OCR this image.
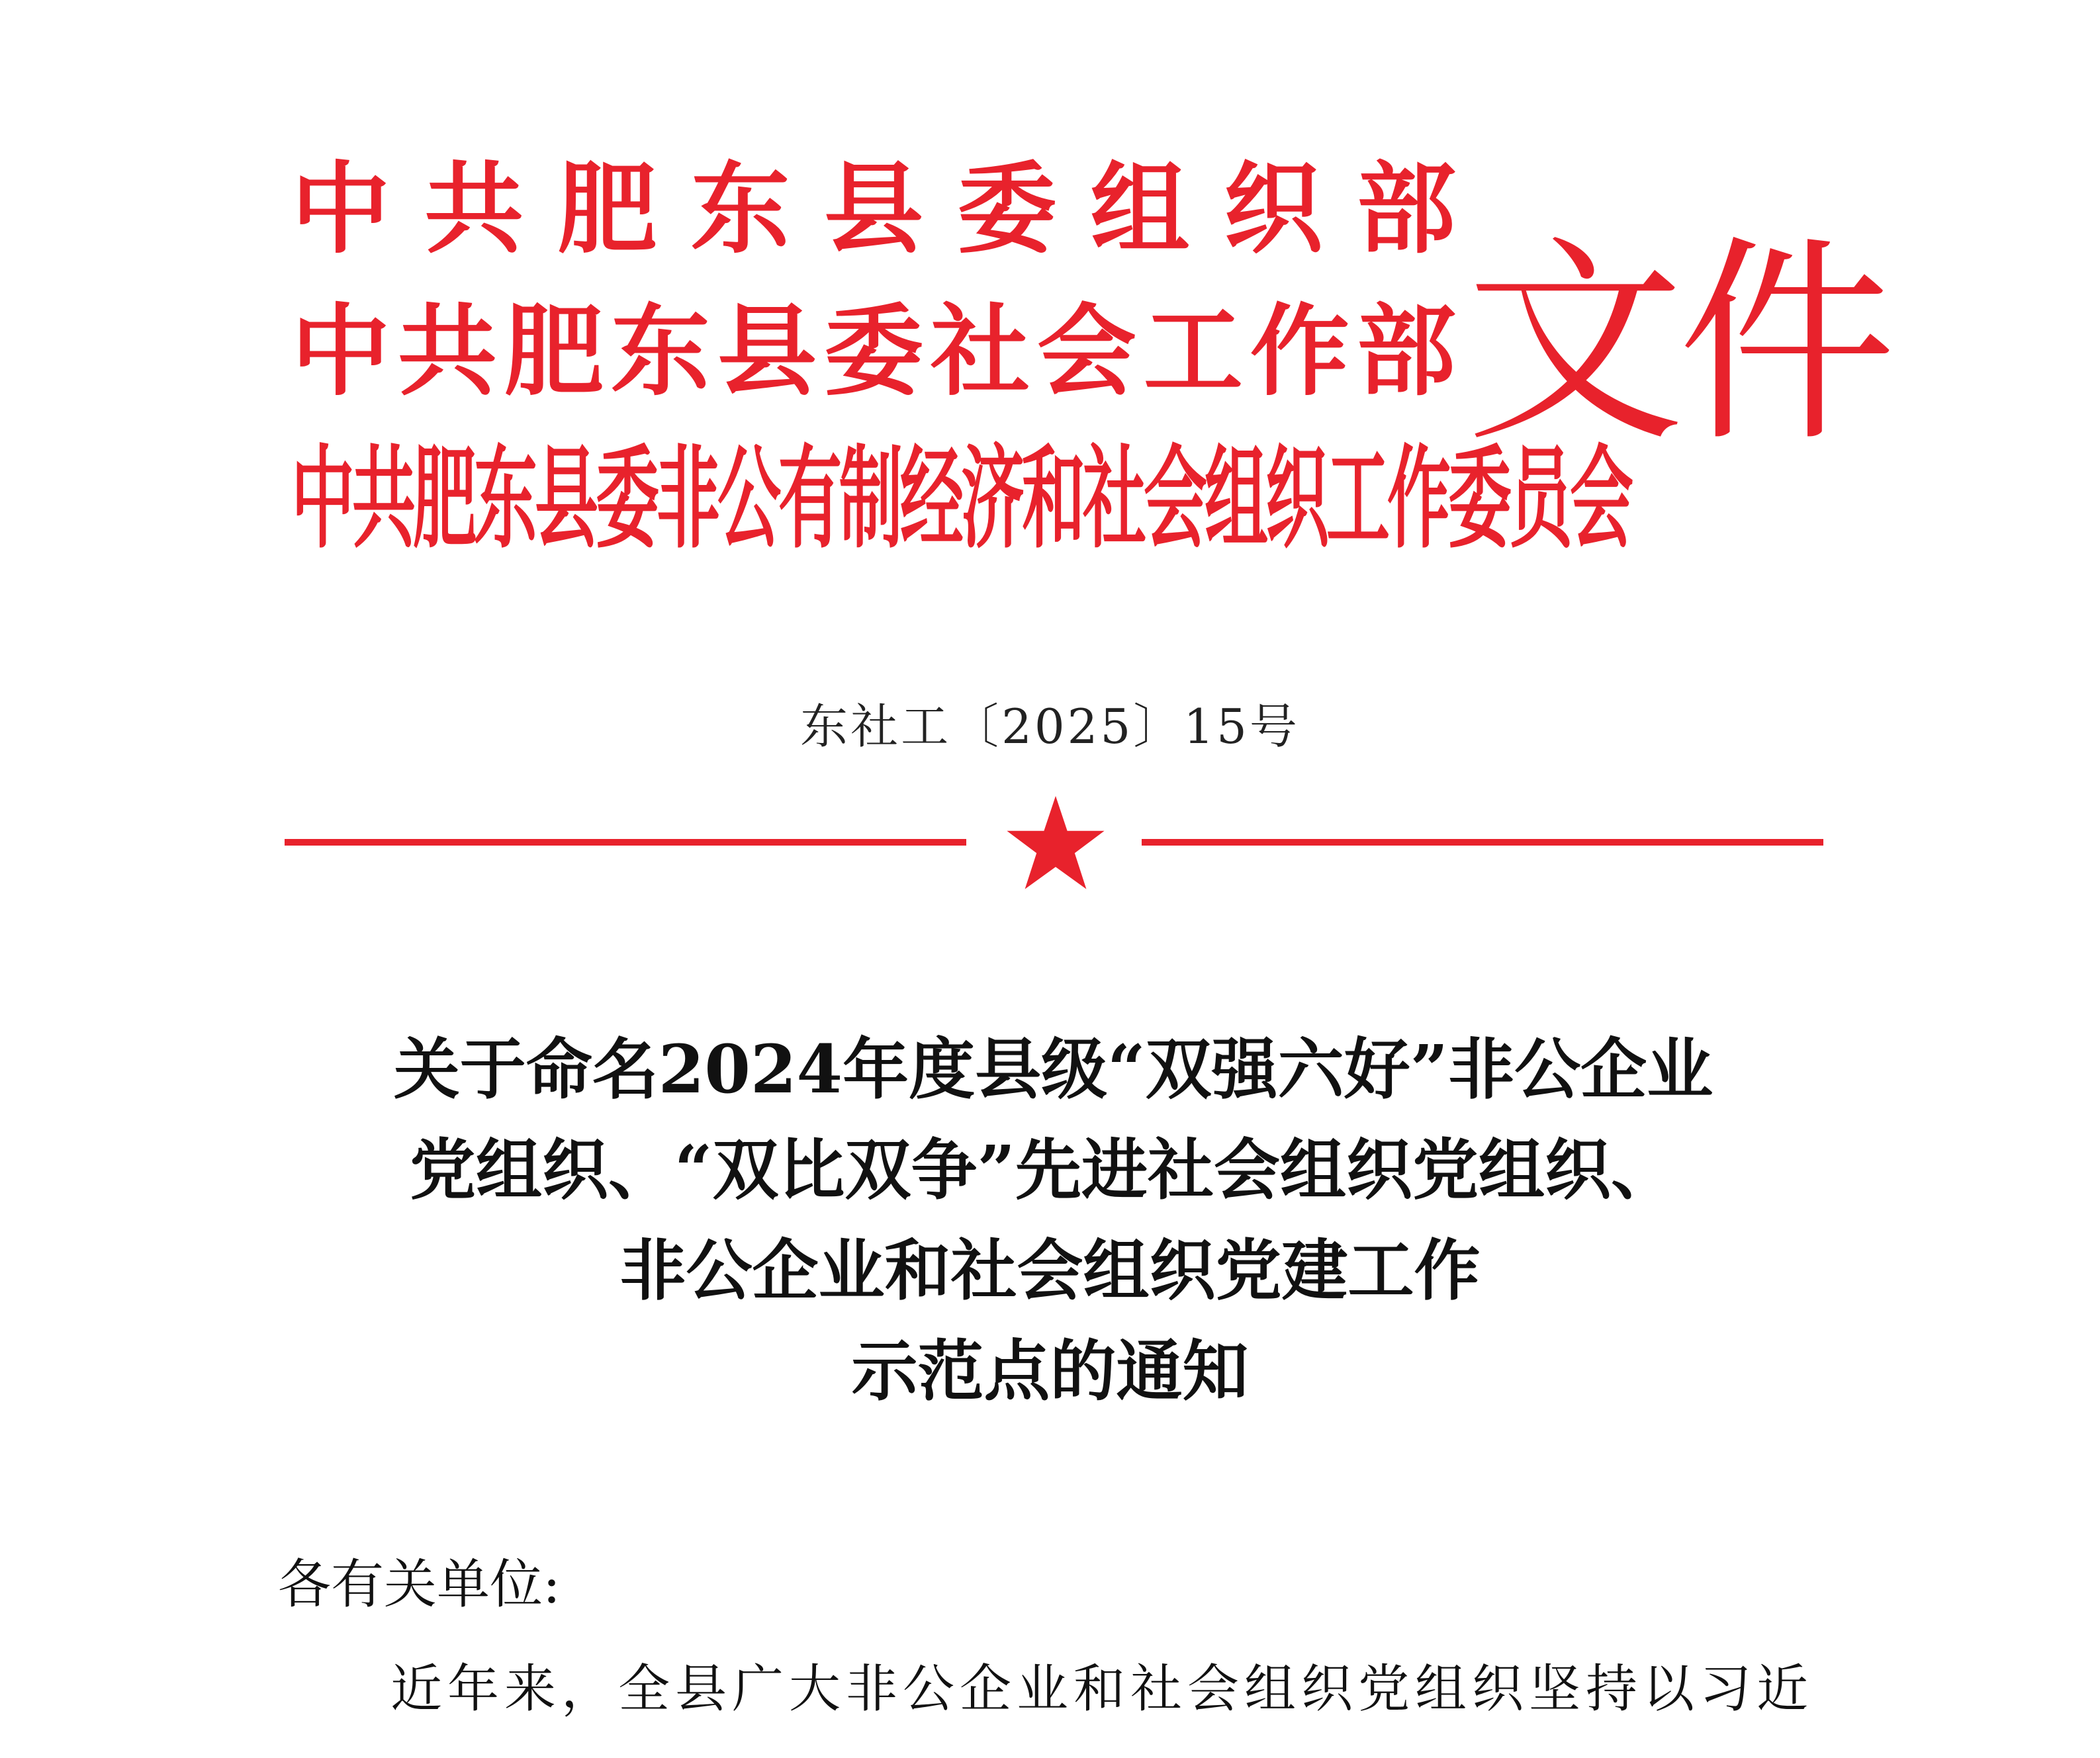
中 共 肥 东 县 委 组 织 部
中 共 肥 东 县 委 社 会 工 作 部
中共肥东县委非公有制经济和社会组织工作委员会
文件
东社工〔2025〕15号
关于命名2024年度县级“双强六好”非公企业
党组织、“双比双争”先进社会组织党组织、
非公企业和社会组织党建工作
示范点的通知
各有关单位:
近年来，全县广大非公企业和社会组织党组织坚持以习近
